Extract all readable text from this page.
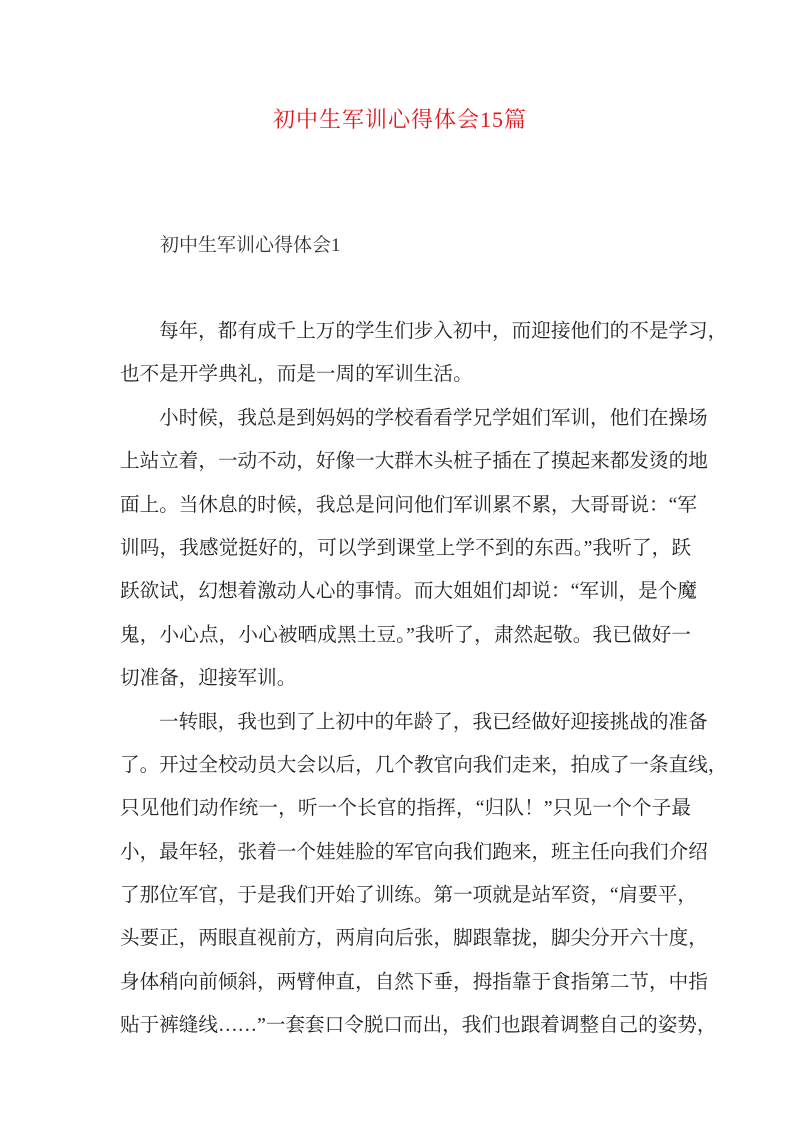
初中生军训心得体会15篇
初中生军训心得体会1
每年，都有成千上万的学生们步入初中，而迎接他们的不是学习，
也不是开学典礼，而是一周的军训生活。
小时候，我总是到妈妈的学校看看学兄学姐们军训，他们在操场
上站立着，一动不动，好像一大群木头桩子插在了摸起来都发烫的地
面上。当休息的时候，我总是问问他们军训累不累，大哥哥说：“军
训吗，我感觉挺好的，可以学到课堂上学不到的东西。”我听了，跃
跃欲试，幻想着激动人心的事情。而大姐姐们却说：“军训，是个魔
鬼，小心点，小心被晒成黑土豆。”我听了，肃然起敬。我已做好一
切准备，迎接军训。
一转眼，我也到了上初中的年龄了，我已经做好迎接挑战的准备
了。开过全校动员大会以后，几个教官向我们走来，拍成了一条直线，
只见他们动作统一，听一个长官的指挥，“归队！”只见一个个子最
小，最年轻，张着一个娃娃脸的军官向我们跑来，班主任向我们介绍
了那位军官，于是我们开始了训练。第一项就是站军资，“肩要平，
头要正，两眼直视前方，两肩向后张，脚跟靠拢，脚尖分开六十度，
身体稍向前倾斜，两臂伸直，自然下垂，拇指靠于食指第二节，中指
贴于裤缝线……”一套套口令脱口而出，我们也跟着调整自己的姿势，
